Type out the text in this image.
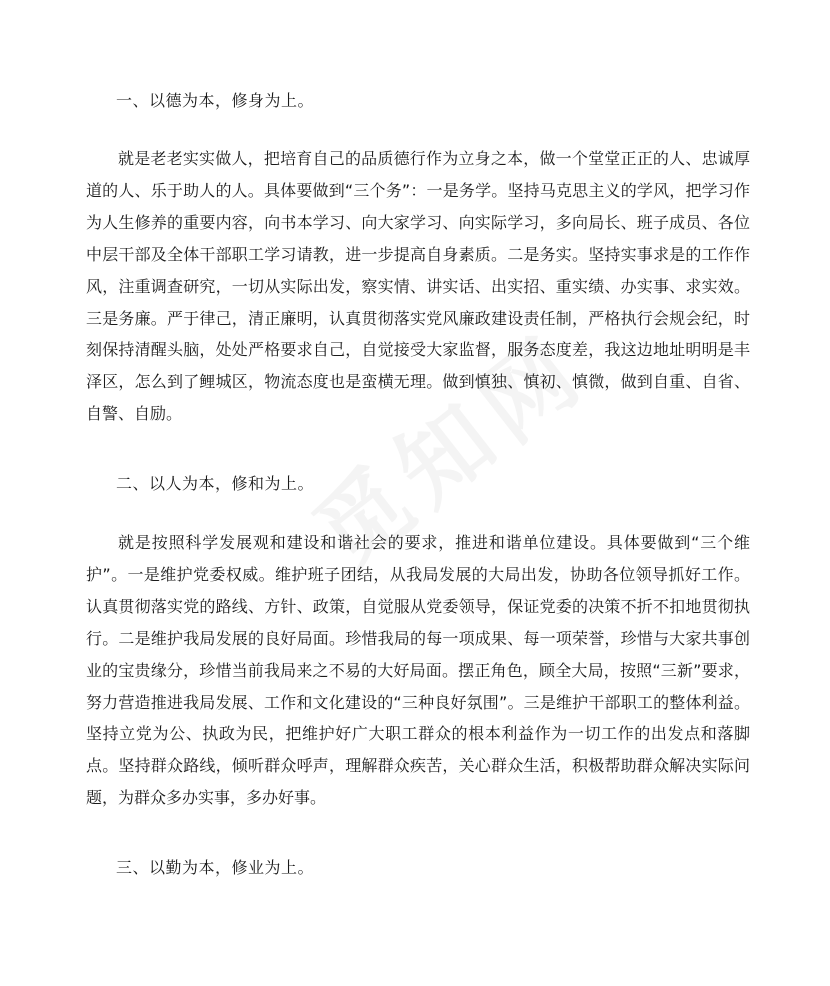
一、以德为本，修身为上。

就是老老实实做人，把培育自己的品质德行作为立身之本，做一个堂堂正正的人、忠诚厚道的人、乐于助人的人。具体要做到“三个务”：一是务学。坚持马克思主义的学风，把学习作为人生修养的重要内容，向书本学习、向大家学习、向实际学习，多向局长、班子成员、各位中层干部及全体干部职工学习请教，进一步提高自身素质。二是务实。坚持实事求是的工作作风，注重调查研究，一切从实际出发，察实情、讲实话、出实招、重实绩、办实事、求实效。三是务廉。严于律己，清正廉明，认真贯彻落实党风廉政建设责任制，严格执行会规会纪，时刻保持清醒头脑，处处严格要求自己，自觉接受大家监督，服务态度差，我这边地址明明是丰泽区，怎么到了鲤城区，物流态度也是蛮横无理。做到慎独、慎初、慎微，做到自重、自省、自警、自励。

二、以人为本，修和为上。

就是按照科学发展观和建设和谐社会的要求，推进和谐单位建设。具体要做到“三个维护”。一是维护党委权威。维护班子团结，从我局发展的大局出发，协助各位领导抓好工作。认真贯彻落实党的路线、方针、政策，自觉服从党委领导，保证党委的决策不折不扣地贯彻执行。二是维护我局发展的良好局面。珍惜我局的每一项成果、每一项荣誉，珍惜与大家共事创业的宝贵缘分，珍惜当前我局来之不易的大好局面。摆正角色，顾全大局，按照“三新”要求，努力营造推进我局发展、工作和文化建设的“三种良好氛围”。三是维护干部职工的整体利益。坚持立党为公、执政为民，把维护好广大职工群众的根本利益作为一切工作的出发点和落脚点。坚持群众路线，倾听群众呼声，理解群众疾苦，关心群众生活，积极帮助群众解决实际问题，为群众多办实事，多办好事。

三、以勤为本，修业为上。
